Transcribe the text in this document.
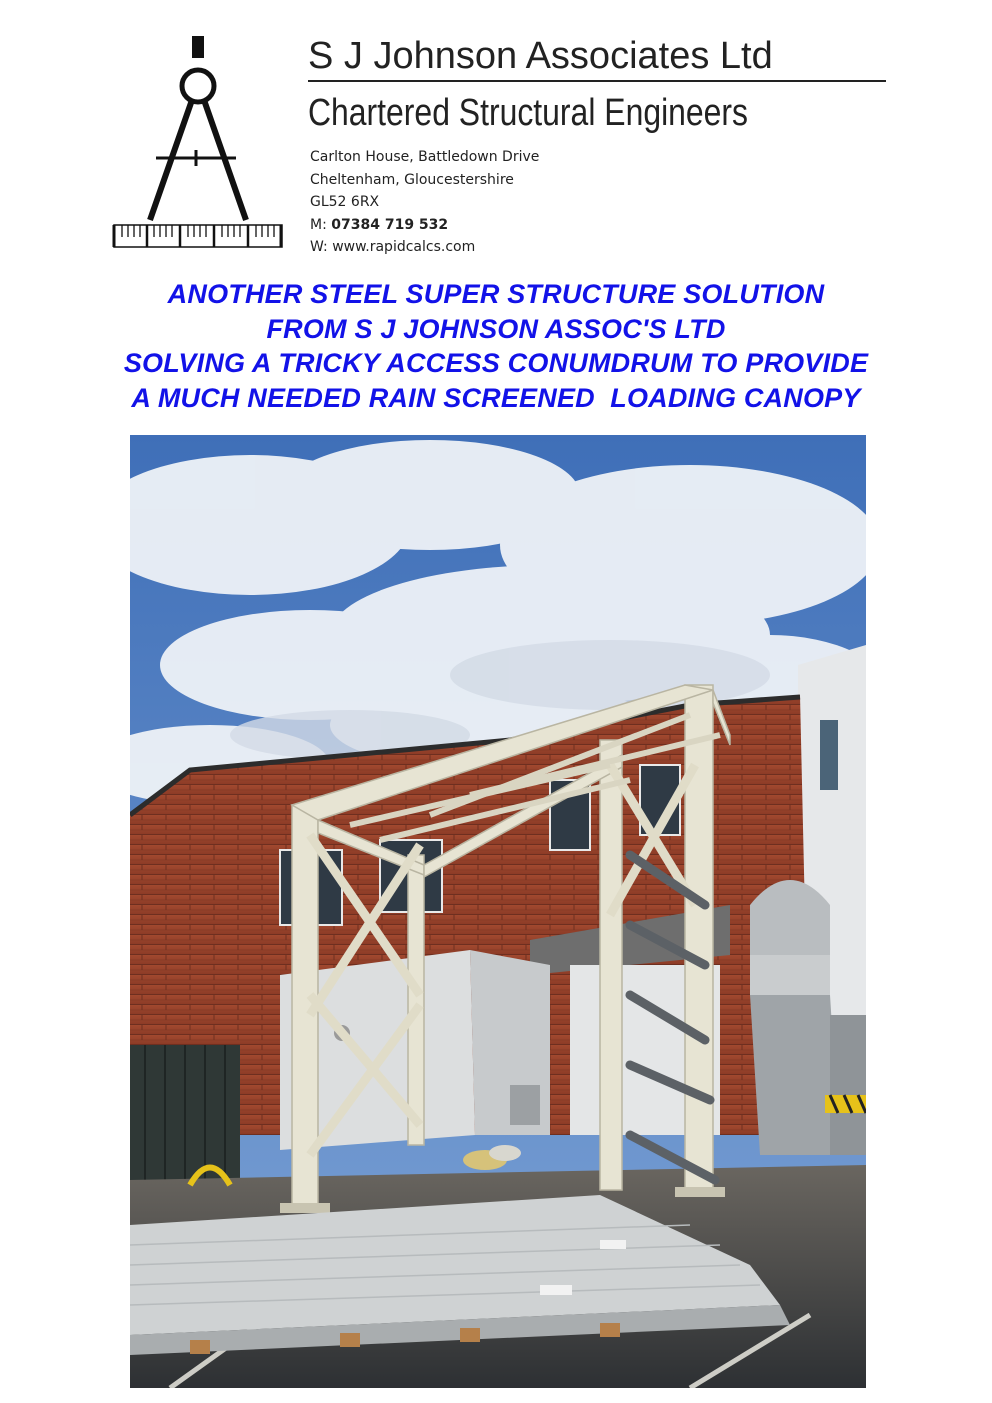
S J Johnson Associates Ltd
Chartered Structural Engineers
Carlton House, Battledown Drive
Cheltenham, Gloucestershire
GL52 6RX
M: 07384 719 532
W: www.rapidcalcs.com
ANOTHER STEEL SUPER STRUCTURE SOLUTION
FROM S J JOHNSON ASSOC'S LTD
SOLVING A TRICKY ACCESS CONUMDRUM TO PROVIDE
A MUCH NEEDED RAIN SCREENED  LOADING CANOPY
